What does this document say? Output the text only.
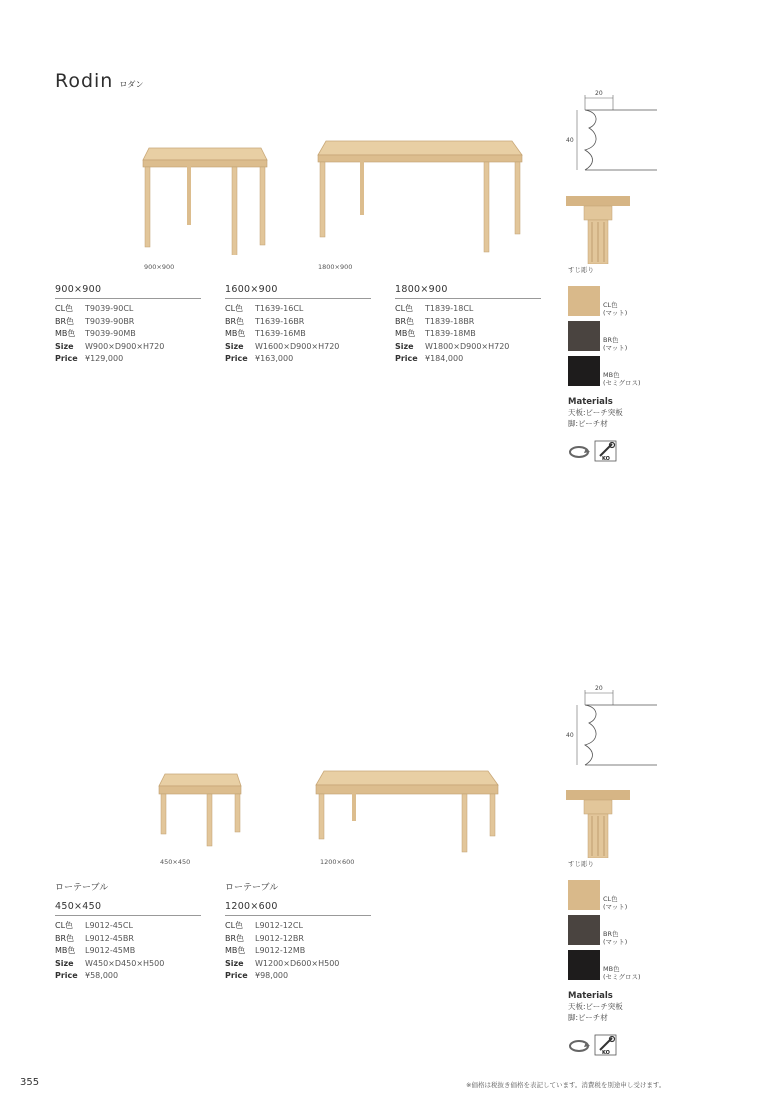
Rodin ロダン
900×900	1800×900
900×900
CL色	T9039-90CL
BR色	T9039-90BR
MB色	T9039-90MB
Size	W900×D900×H720
Price ¥129,000
1600×900
CL色	T1639-16CL
BR色	T1639-16BR
MB色	T1639-16MB
Size	W1600×D900×H720
Price ¥163,000
1800×900
CL色	T1839-18CL
BR色	T1839-18BR
MB色	T1839-18MB
Size	W1800×D900×H720
Price ¥184,000
20
40
すじ彫り
CL色
(マット)
BR色
(マット)
MB色
(セミグロス)
Materials
天板:ビーチ突板
脚:ビーチ材
KO
450×450	1200×600
ローテーブル
450×450
CL色	L9012-45CL
BR色	L9012-45BR
MB色	L9012-45MB
Size	W450×D450×H500
Price ¥58,000
ローテーブル
1200×600
CL色	L9012-12CL
BR色	L9012-12BR
MB色	L9012-12MB
Size	W1200×D600×H500
Price ¥98,000
20
40
すじ彫り
CL色
(マット)
BR色
(マット)
MB色
(セミグロス)
Materials
天板:ビーチ突板
脚:ビーチ材
KO
355	※価格は税抜き価格を表記しています。消費税を別途申し受けます。
